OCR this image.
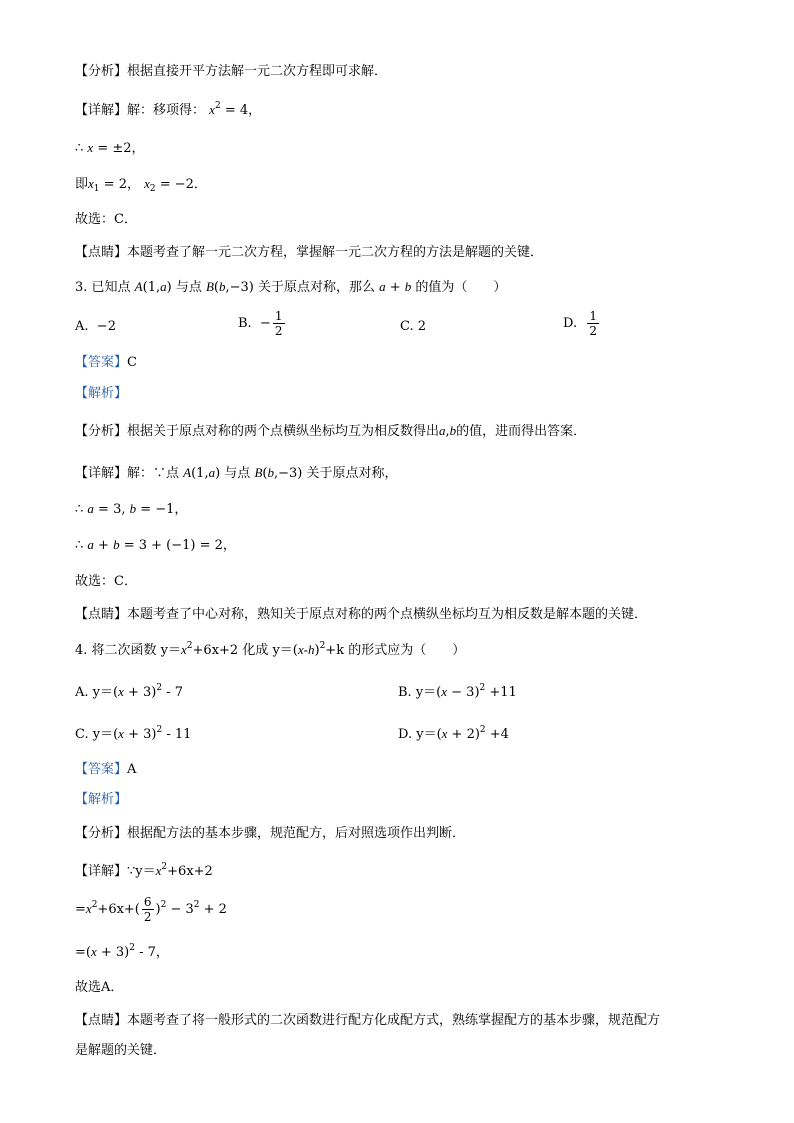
【分析】根据直接开平方法解一元二次方程即可求解．
【详解】解：移项得： $x^2 = 4$，
∴ x = ±2，
即$x_1 = 2$， $x_2 = -2$．
故选：C．
【点睛】本题考查了解一元二次方程，掌握解一元二次方程的方法是解题的关键．
3. 已知点 A(1,a) 与点 B(b,−3) 关于原点对称，那么 a + b 的值为（　　）
A. −2	B.  − $\frac{1}{2}$	C. 2	D. $\frac{1}{2}$
【答案】C
【解析】
【分析】根据关于原点对称的两个点横纵坐标均互为相反数得出a,b的值，进而得出答案．
【详解】解：∵点 A(1,a) 与点 B(b,−3) 关于原点对称，
∴ a = 3, b = −1，
∴ a + b = 3 + (−1) = 2，
故选：C．
【点睛】本题考查了中心对称，熟知关于原点对称的两个点横纵坐标均互为相反数是解本题的关键．
4. 将二次函数 $y=x^2+6x+2$ 化成 $y=(x-h)^2+k$ 的形式应为（　　）
A. $y=(x + 3)^2 - 7$	B. $y=(x - 3)^2 +11$
C. $y=(x + 3)^2 - 11$	D. $y=(x + 2)^2 +4$
【答案】A
【解析】
【分析】根据配方法的基本步骤，规范配方，后对照选项作出判断．
【详解】$\because y=x^2+6x+2$
$=x^2+6x+( \frac{6}{2} )^2 - 3^2 + 2$
$=(x + 3)^2 - 7$，
故选A．
【点睛】本题考查了将一般形式的二次函数进行配方化成配方式，熟练掌握配方的基本步骤，规范配方
是解题的关键．
